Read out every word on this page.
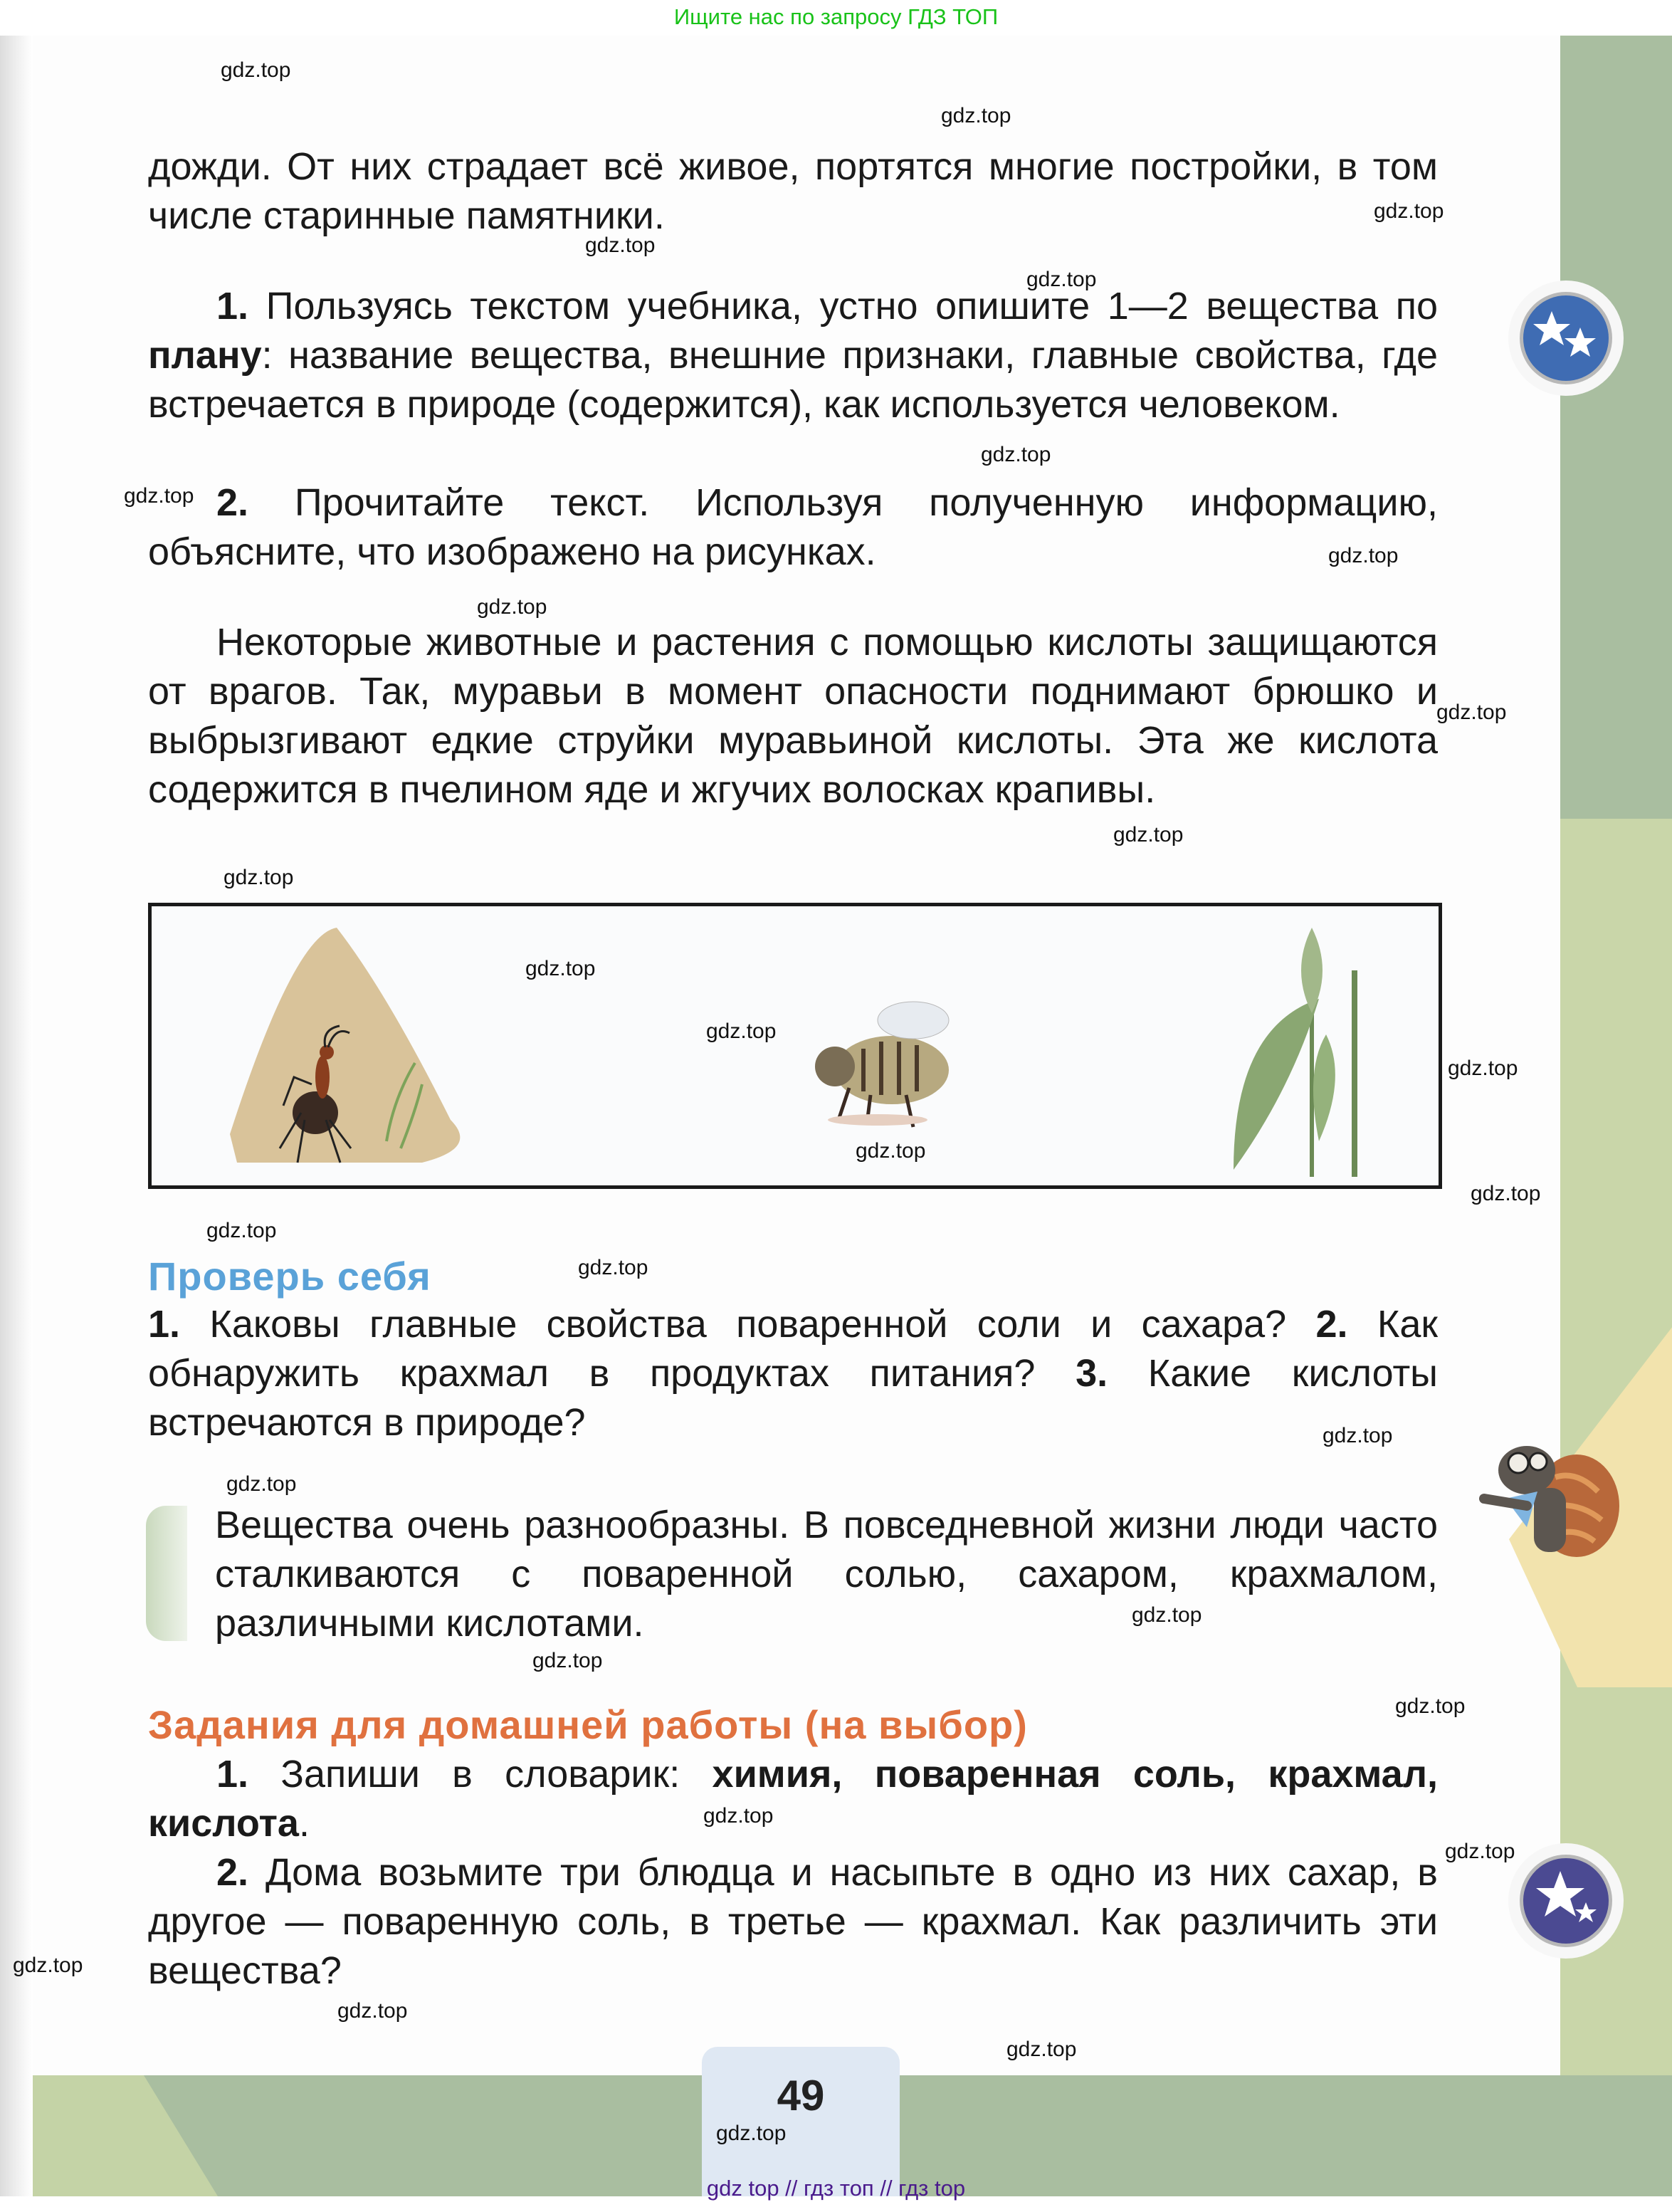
Ищите нас по запросу ГДЗ ТОП

дожди. От них страдает всё живое, портятся многие постройки, в том числе старинные памятники.

1. Пользуясь текстом учебника, устно опишите 1—2 вещества по плану: название вещества, внешние признаки, главные свойства, где встречается в природе (содержится), как используется человеком.

2. Прочитайте текст. Используя полученную информацию, объясните, что изображено на рисунках.

Некоторые животные и растения с помощью кислоты защищаются от врагов. Так, муравьи в момент опасности поднимают брюшко и выбрызгивают едкие струйки муравьиной кислоты. Эта же кислота содержится в пчелином яде и жгучих волосках крапивы.

Проверь себя

1. Каковы главные свойства поваренной соли и сахара? 2. Как обнаружить крахмал в продуктах питания? 3. Какие кислоты встречаются в природе?

Вещества очень разнообразны. В повседневной жизни люди часто сталкиваются с поваренной солью, сахаром, крахмалом, различными кислотами.

Задания для домашней работы (на выбор)

1. Запиши в словарик: химия, поваренная соль, крахмал, кислота.

2. Дома возьмите три блюдца и насыпьте в одно из них сахар, в другое — поваренную соль, в третье — крахмал. Как различить эти вещества?

49
gdz.top
gdz.top
gdz.top
gdz.top
gdz.top
gdz.top
gdz.top
gdz.top
gdz.top
gdz.top
gdz.top
gdz.top
gdz.top
gdz.top
gdz.top
gdz.top
gdz.top
gdz.top
gdz.top
gdz.top
gdz.top
gdz.top
gdz.top
gdz.top
gdz.top
gdz.top
gdz.top
gdz.top
gdz.top
gdz.top
gdz top // гдз топ // гдз top
